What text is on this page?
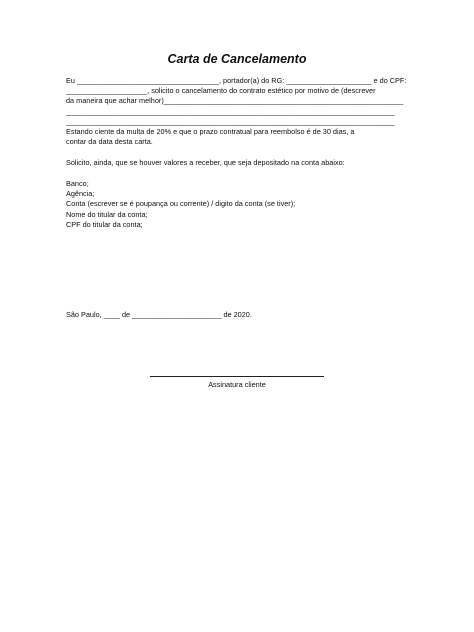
Carta de Cancelamento
Eu ___________________________________, portador(a) do RG: _____________________ e do CPF:
____________________, solicito o cancelamento do contrato estético por motivo de (descrever
da maneira que achar melhor)___________________________________________________________
_________________________________________________________________________________
_________________________________________________________________________________
Estando ciente da multa de 20% e que o prazo contratual para reembolso é de 30 dias, a
contar da data desta carta.
Solicito, ainda, que se houver valores a receber, que seja depositado na conta abaixo:
Banco;
Agência;
Conta (escrever se é poupança ou corrente) / digito da conta (se tiver);
Nome do titular da conta;
CPF do titular da conta;
São Paulo, ____ de ______________________ de 2020.
Assinatura cliente
